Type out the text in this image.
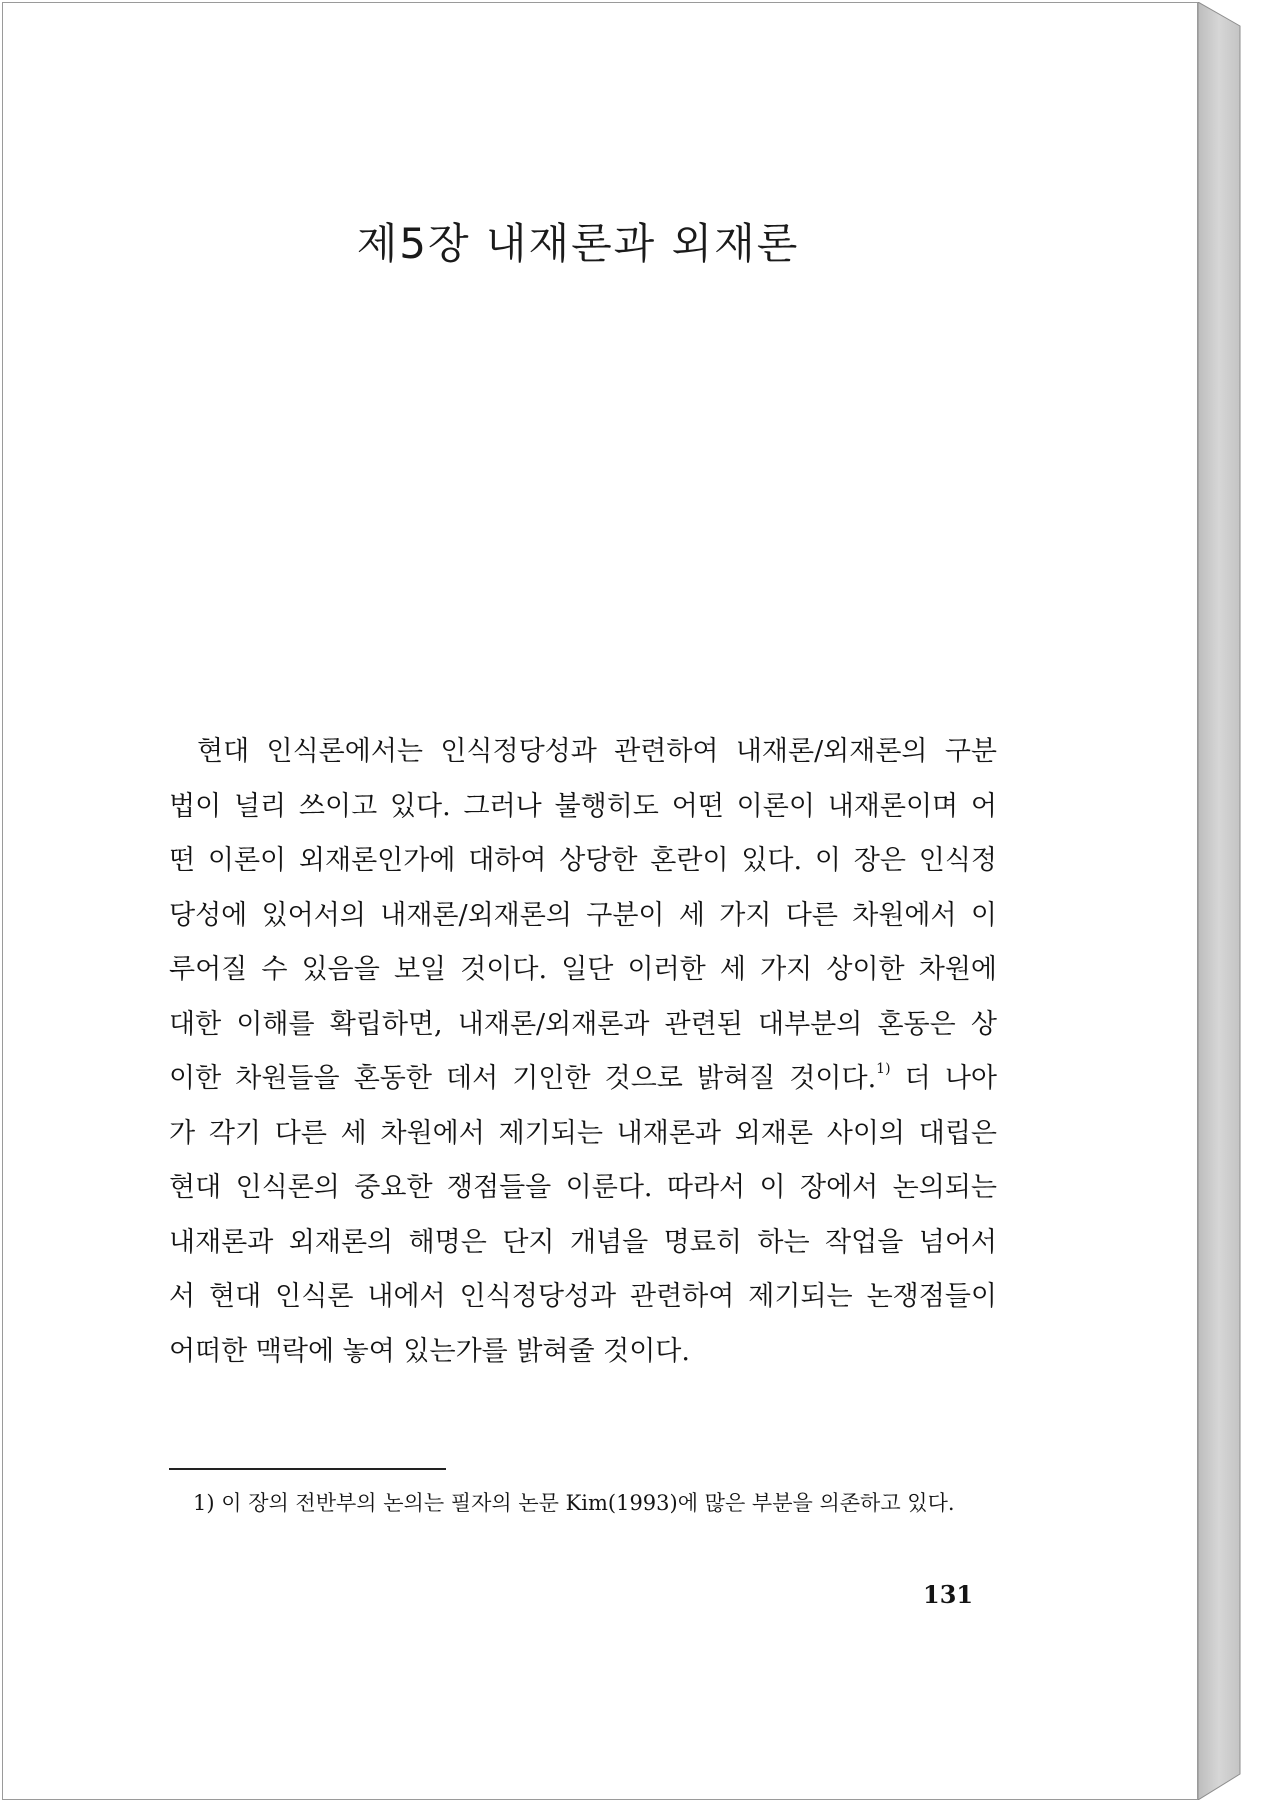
제5장 내재론과 외재론
현대 인식론에서는 인식정당성과 관련하여 내재론/외재론의 구분
법이 널리 쓰이고 있다. 그러나 불행히도 어떤 이론이 내재론이며 어
떤 이론이 외재론인가에 대하여 상당한 혼란이 있다. 이 장은 인식정
당성에 있어서의 내재론/외재론의 구분이 세 가지 다른 차원에서 이
루어질 수 있음을 보일 것이다. 일단 이러한 세 가지 상이한 차원에
대한 이해를 확립하면, 내재론/외재론과 관련된 대부분의 혼동은 상
이한 차원들을 혼동한 데서 기인한 것으로 밝혀질 것이다.$^{1)}$ 더 나아
가 각기 다른 세 차원에서 제기되는 내재론과 외재론 사이의 대립은
현대 인식론의 중요한 쟁점들을 이룬다. 따라서 이 장에서 논의되는
내재론과 외재론의 해명은 단지 개념을 명료히 하는 작업을 넘어서
서 현대 인식론 내에서 인식정당성과 관련하여 제기되는 논쟁점들이
어떠한 맥락에 놓여 있는가를 밝혀줄 것이다.
1) 이 장의 전반부의 논의는 필자의 논문 Kim(1993)에 많은 부분을 의존하고 있다.
131
